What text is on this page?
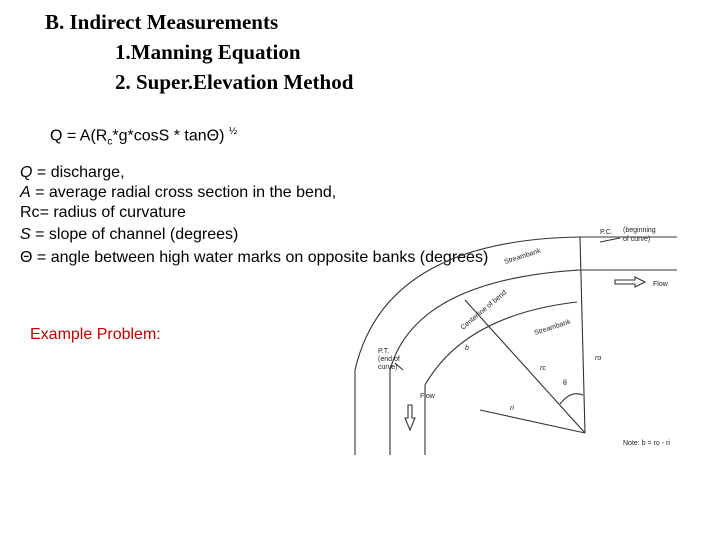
B. Indirect Measurements
1.Manning Equation
2. Super.Elevation Method
$Q = A(R_c*g*\cos S * \tan\Theta)$ $^{\frac{1}{2}}$
Q = discharge,
A = average radial cross section in the bend,
Rc= radius of curvature
S = slope of channel (degrees)
Θ = angle between high water marks on opposite banks (degrees)
Example Problem:
P.C. (beginning
of curve)
Flow
P.T.
(end of
curve)
Flow
Streambank
Streambank
Centerline of bend
b
rc
ro
ri
θ
Note: b = ro - ri
